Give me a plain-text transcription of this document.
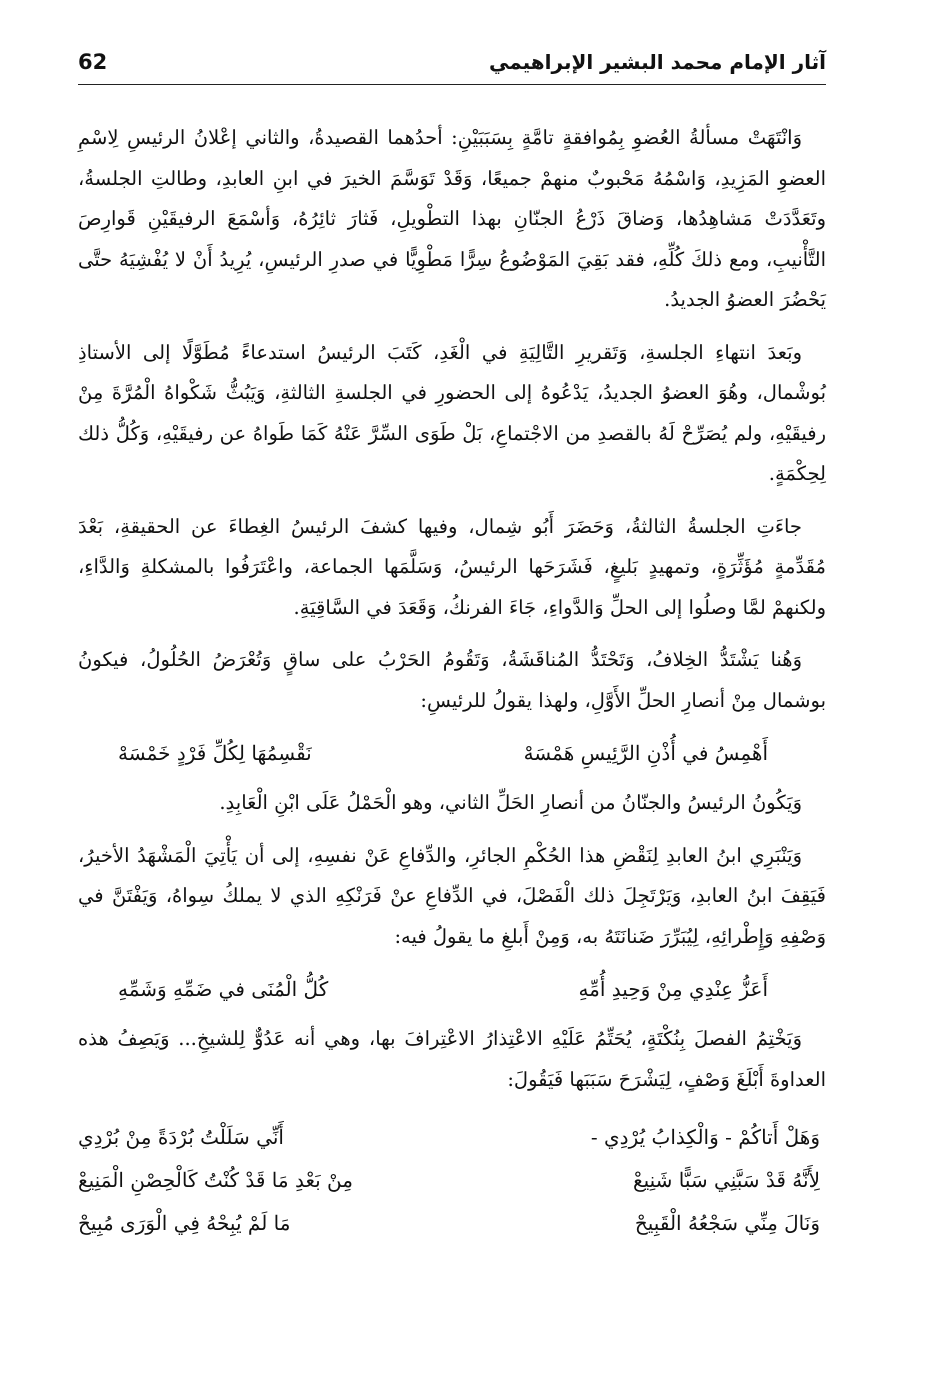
62	آثار الإمام محمد البشير الإبراهيمي

وَانْتَهَتْ مسألةُ العُضوِ بِمُوافقةٍ تامَّةٍ بِسَبَبَيْنِ: أحدُهما القصيدةُ، والثاني إعْلانُ الرئيسِ لِاسْمِ العضوِ المَزِيدِ، وَاسْمُهُ مَحْبوبٌ منهمْ جميعًا، وَقَدْ تَوَسَّمَ الخيرَ في ابنِ العابدِ، وطالتِ الجلسةُ، وتَعَدَّدَتْ مَشاهِدُها، وَضاقَ ذَرْعُ الجنّانِ بهذا التطْويلِ، فَثارَ ثائِرُهُ، وَأسْمَعَ الرفيقَيْنِ قَوارِصَ التَّأْنيبِ، ومع ذلكَ كُلِّهِ، فقد بَقِيَ المَوْضُوعُ سِرًّا مَطْوِيًّا في صدرِ الرئيسِ، يُرِيدُ أَنْ لا يُفْشِيَهُ حتَّى يَحْضُرَ العضوُ الجديدُ.

وبَعدَ انتهاءِ الجلسةِ، وَتَقريرِ التَّالِيَةِ في الْغَدِ، كَتَبَ الرئيسُ استدعاءً مُطَوَّلًا إلى الأستاذِ بُوشْمال، وهُوَ العضوُ الجديدُ، يَدْعُوهُ إلى الحضورِ في الجلسةِ الثالثةِ، وَيَبُثُّ شَكْواهُ الْمُرَّةَ مِنْ رفيقَيْهِ، ولم يُصَرِّحْ لَهُ بالقصدِ من الاجْتماعِ، بَلْ طَوَى السِّرَّ عَنْهُ كَمَا طَواهُ عن رفيقَيْهِ، وَكُلُّ ذلك لِحِكْمَةٍ.

جاءَتِ الجلسةُ الثالثةُ، وَحَضَرَ أَبُو شِمال، وفيها كشفَ الرئيسُ الغِطاءَ عن الحقيقةِ، بَعْدَ مُقَدِّمةٍ مُؤَثِّرَةٍ، وتمهيدٍ بَليغٍ، فَشَرَحَها الرئيسُ، وَسَلَّمَها الجماعة، واعْتَرَفُوا بالمشكلةِ وَالدَّاءِ، ولكنهمْ لمَّا وصلُوا إلى الحلِّ وَالدَّواءِ، جَاءَ الفرنكُ، وَقَعَدَ في السَّاقِيَةِ.

وَهُنا يَشْتَدُّ الخِلافُ، وَتَحْتَدُّ المُناقَشَةُ، وَتَقُومُ الحَرْبُ على ساقٍ وَتُعْرَضُ الحُلُولُ، فيكونُ بوشمال مِنْ أنصارِ الحلِّ الأَوَّلِ، ولهذا يقولُ للرئيسِ:

أَهْمِسُ في أُذْنِ الرَّئِيسِ هَمْسَهْ
نَقْسِمُهَا لِكُلِّ فَرْدٍ خَمْسَهْ

وَيَكُونُ الرئيسُ والجنّانُ من أنصارِ الحَلِّ الثاني، وهو الْحَمْلُ عَلَى ابْنِ الْعَابِدِ.

وَيَنْبَرِي ابنُ العابدِ لِنَقْضِ هذا الحُكْمِ الجائرِ، والدِّفاعِ عَنْ نفسِهِ، إلى أن يَأْتِيَ الْمَشْهَدُ الأخيرُ، فَيَقِفَ ابنُ العابدِ، وَيَرْتَجِلَ ذلك الْفَصْلَ، في الدِّفاعِ عنْ فَرَنْكِهِ الذي لا يملكُ سِواهُ، وَيَفْتَنَّ في وَصْفِهِ وَإِطْرائِهِ، لِيُبَرِّرَ ضَنانَتَهُ به، وَمِنْ أَبلغِ ما يقولُ فيه:

أَعَزُّ عِنْدِي مِنْ وَحِيدِ أُمِّهِ
كُلُّ الْمُنَى في ضَمِّهِ وَشَمِّهِ

وَيَخْتِمُ الفصلَ بِنُكْتَةٍ، يُحَتِّمُ عَلَيْهِ الاعْتِذارُ الاعْتِرافَ بها، وهي أنه عَدُوٌّ لِلشيخِ... وَيَصِفُ هذه العداوةَ أَبْلَغَ وَصْفٍ، لِيَشْرَحَ سَبَبَها فَيَقُولَ:

وَهَلْ أَتاكُمْ - وَالْكِذابُ يُرْدِي -
أَنِّي سَلَلْتُ بُرْدَةً مِنْ بُرْدِي
لِأَنَّهُ قَدْ سَبَّنِي سَبًّا شَنِيعْ
مِنْ بَعْدِ مَا قَدْ كُنْتُ كَالْحِصْنِ الْمَنِيعْ
وَنَالَ مِنِّي سَجْعُهُ الْقَبِيحْ
مَا لَمْ يُبِحْهُ فِي الْوَرَى مُبِيحْ
